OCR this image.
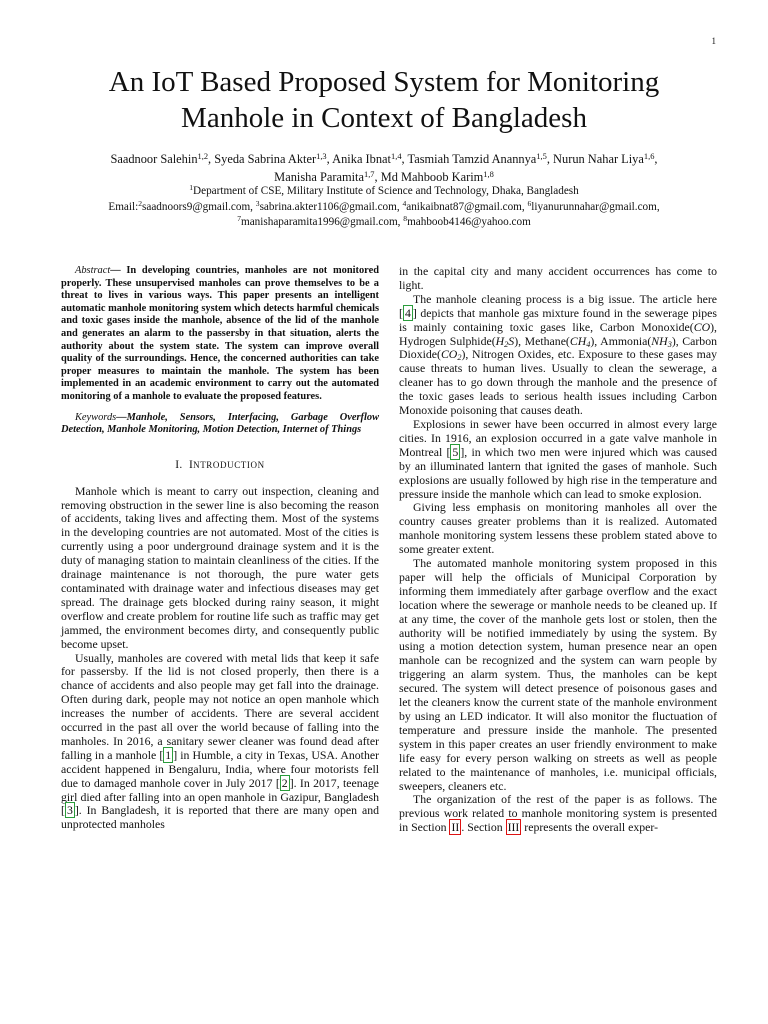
1
An IoT Based Proposed System for Monitoring
Manhole in Context of Bangladesh
Saadnoor Salehin$^{1,2}$, Syeda Sabrina Akter$^{1,3}$, Anika Ibnat$^{1,4}$, Tasmiah Tamzid Anannya$^{1,5}$, Nurun Nahar Liya$^{1,6}$,
Manisha Paramita$^{1,7}$, Md Mahboob Karim$^{1,8}$
$^1$Department of CSE, Military Institute of Science and Technology, Dhaka, Bangladesh
Email:$^2$saadnoors9@gmail.com, $^3$sabrina.akter1106@gmail.com, $^4$anikaibnat87@gmail.com, $^6$liyanurunnahar@gmail.com,
$^7$manishaparamita1996@gmail.com, $^8$mahboob4146@yahoo.com

Abstract— In developing countries, manholes are not monitored properly. These unsupervised manholes can prove themselves to be a threat to lives in various ways. This paper presents an intelligent automatic manhole monitoring system which detects harmful chemicals and toxic gases inside the manhole, absence of the lid of the manhole and generates an alarm to the passersby in that situation, alerts the authority about the system state. The system can improve overall quality of the surroundings. Hence, the concerned authorities can take proper measures to maintain the manhole. The system has been implemented in an academic environment to carry out the automated monitoring of a manhole to evaluate the proposed features.

Keywords—Manhole, Sensors, Interfacing, Garbage Overflow Detection, Manhole Monitoring, Motion Detection, Internet of Things

I. INTRODUCTION

Manhole which is meant to carry out inspection, cleaning and removing obstruction in the sewer line is also becoming the reason of accidents, taking lives and affecting them. Most of the systems in the developing countries are not automated. Most of the cities is currently using a poor underground drainage system and it is the duty of managing station to maintain cleanliness of the cities. If the drainage maintenance is not thorough, the pure water gets contaminated with drainage water and infectious diseases may get spread. The drainage gets blocked during rainy season, it might overflow and create problem for routine life such as traffic may get jammed, the environment becomes dirty, and consequently public become upset.

Usually, manholes are covered with metal lids that keep it safe for passersby. If the lid is not closed properly, then there is a chance of accidents and also people may get fall into the drainage. Often during dark, people may not notice an open manhole which increases the number of accidents. There are several accident occurred in the past all over the world because of falling into the manholes. In 2016, a sanitary sewer cleaner was found dead after falling in a manhole [ 1 ] in Humble, a city in Texas, USA. Another accident happened in Bengaluru, India, where four motorists fell due to damaged manhole cover in July 2017 [ 2 ]. In 2017, teenage girl died after falling into an open manhole in Gazipur, Bangladesh [ 3 ]. In Bangladesh, it is reported that there are many open and unprotected manholes

in the capital city and many accident occurrences has come to light.

The manhole cleaning process is a big issue. The article here [ 4 ] depicts that manhole gas mixture found in the sewerage pipes is mainly containing toxic gases like, Carbon Monoxide(CO), Hydrogen $Sulphide(H_2S)$, $Methane(CH_4)$, $Ammonia(NH_3)$, Carbon $Dioxide(CO_2)$, Nitrogen Oxides, etc. Exposure to these gases may cause threats to human lives. Usually to clean the sewerage, a cleaner has to go down through the manhole and the presence of the toxic gases leads to serious health issues including Carbon Monoxide poisoning that causes death.

Explosions in sewer have been occurred in almost every large cities. In 1916, an explosion occurred in a gate valve manhole in Montreal [ 5 ], in which two men were injured which was caused by an illuminated lantern that ignited the gases of manhole. Such explosions are usually followed by high rise in the temperature and pressure inside the manhole which can lead to smoke explosion.

Giving less emphasis on monitoring manholes all over the country causes greater problems than it is realized. Automated manhole monitoring system lessens these problem stated above to some greater extent.

The automated manhole monitoring system proposed in this paper will help the officials of Municipal Corporation by informing them immediately after garbage overflow and the exact location where the sewerage or manhole needs to be cleaned up. If at any time, the cover of the manhole gets lost or stolen, then the authority will be notified immediately by using the system. By using a motion detection system, human presence near an open manhole can be recognized and the system can warn people by triggering an alarm system. Thus, the manholes can be kept secured. The system will detect presence of poisonous gases and let the cleaners know the current state of the manhole environment by using an LED indicator. It will also monitor the fluctuation of temperature and pressure inside the manhole. The presented system in this paper creates an user friendly environment to make life easy for every person walking on streets as well as people related to the maintenance of manholes, i.e. municipal officials, sweepers, cleaners etc.

The organization of the rest of the paper is as follows. The previous work related to manhole monitoring system is presented in Section II . Section III represents the overall exper-
